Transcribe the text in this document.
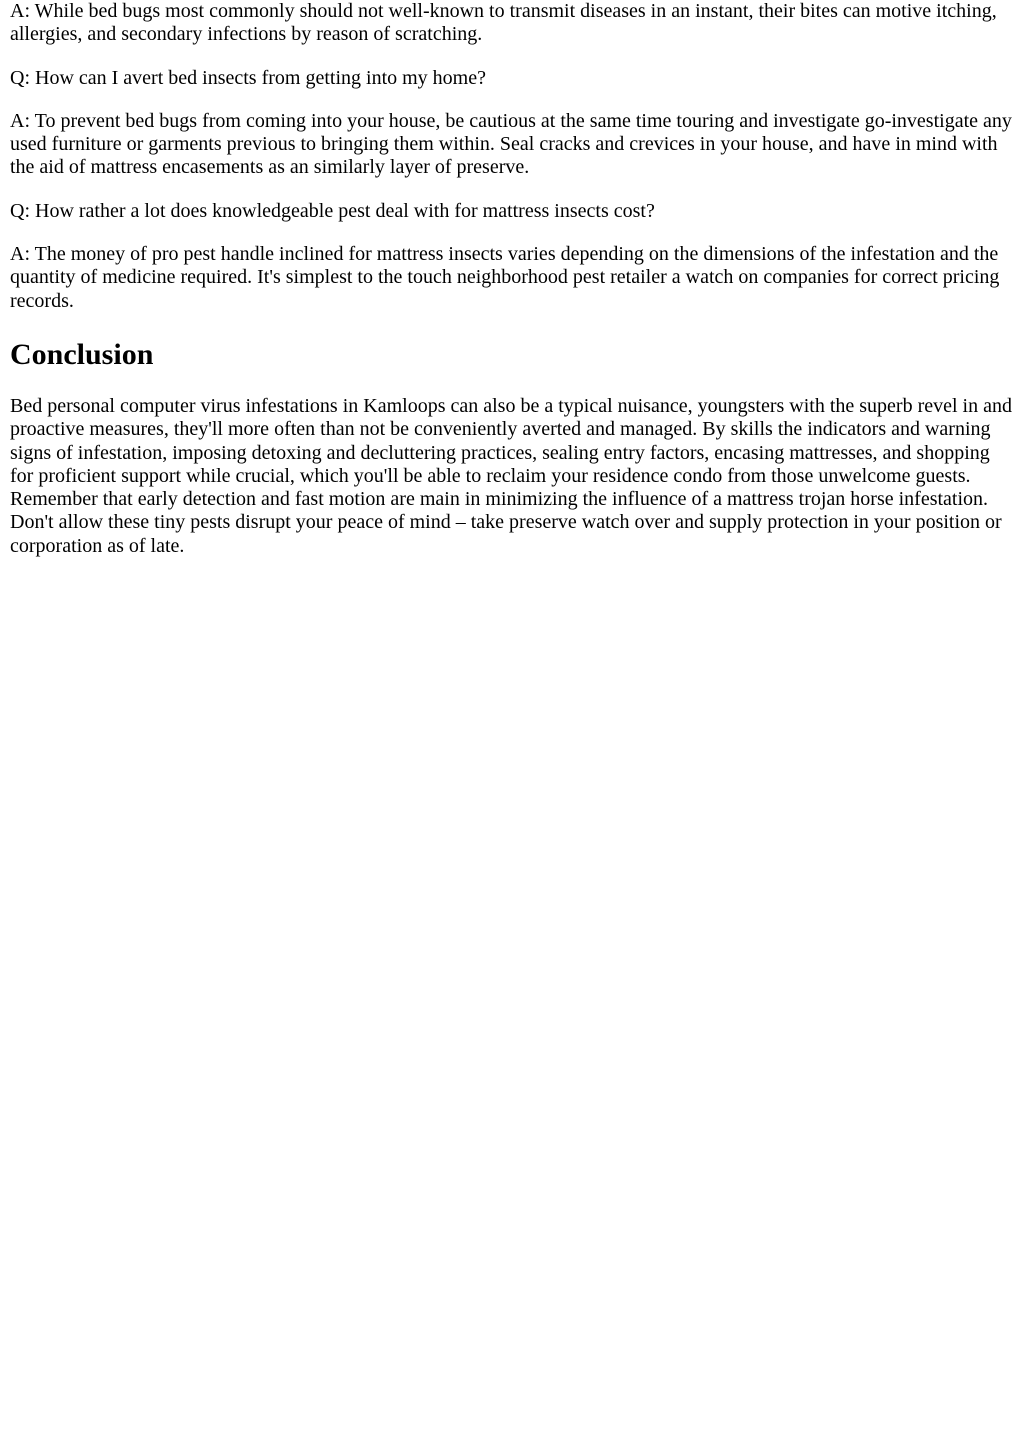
A: While bed bugs most commonly should not well-known to transmit diseases in an instant, their bites can motive itching, allergies, and secondary infections by reason of scratching.

Q: How can I avert bed insects from getting into my home?

A: To prevent bed bugs from coming into your house, be cautious at the same time touring and investigate go-investigate any used furniture or garments previous to bringing them within. Seal cracks and crevices in your house, and have in mind with the aid of mattress encasements as an similarly layer of preserve.

Q: How rather a lot does knowledgeable pest deal with for mattress insects cost?

A: The money of pro pest handle inclined for mattress insects varies depending on the dimensions of the infestation and the quantity of medicine required. It's simplest to the touch neighborhood pest retailer a watch on companies for correct pricing records.

Conclusion

Bed personal computer virus infestations in Kamloops can also be a typical nuisance, youngsters with the superb revel in and proactive measures, they'll more often than not be conveniently averted and managed. By skills the indicators and warning signs of infestation, imposing detoxing and decluttering practices, sealing entry factors, encasing mattresses, and shopping for proficient support while crucial, which you'll be able to reclaim your residence condo from those unwelcome guests. Remember that early detection and fast motion are main in minimizing the influence of a mattress trojan horse infestation. Don't allow these tiny pests disrupt your peace of mind – take preserve watch over and supply protection in your position or corporation as of late.
